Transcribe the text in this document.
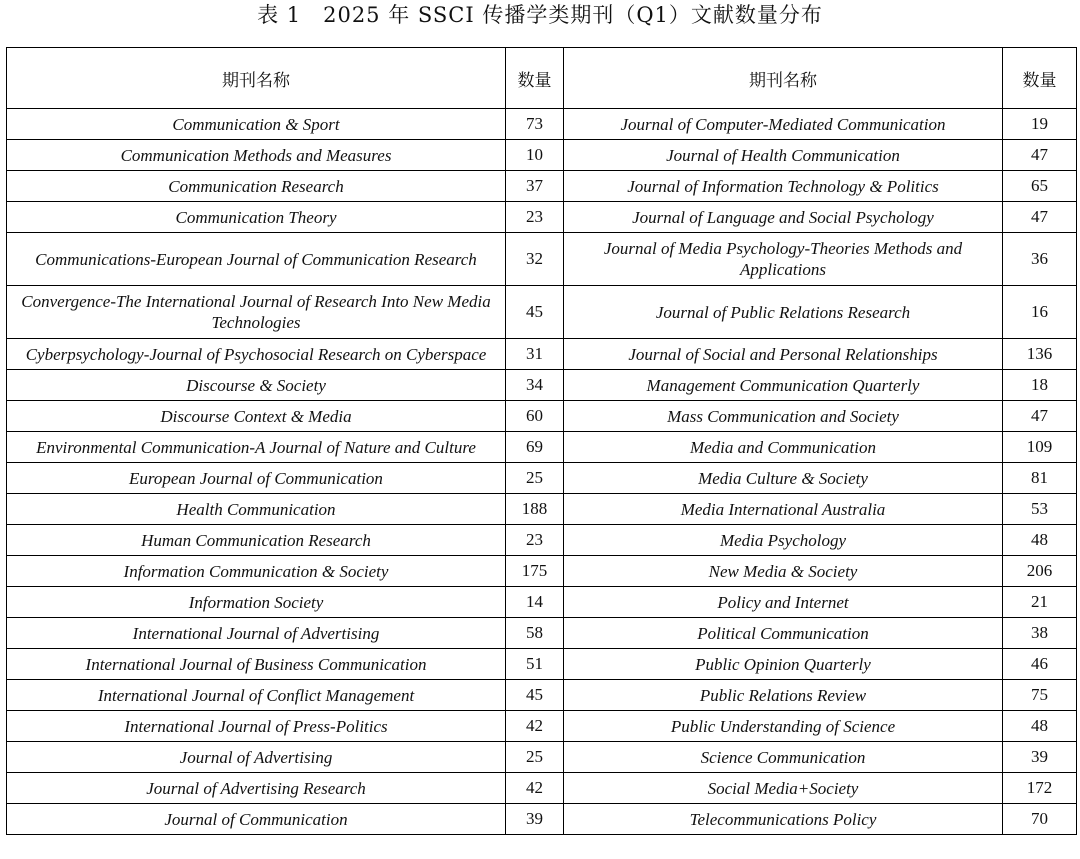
表 1　2025 年 SSCI 传播学类期刊（Q1）文献数量分布
期刊名称	数量	期刊名称	数量
Communication & Sport	73	Journal of Computer-Mediated Communication	19
Communication Methods and Measures	10	Journal of Health Communication	47
Communication Research	37	Journal of Information Technology & Politics	65
Communication Theory	23	Journal of Language and Social Psychology	47
Communications-European Journal of Communication Research	32	Journal of Media Psychology-Theories Methods and Applications	36
Convergence-The International Journal of Research Into New Media Technologies	45	Journal of Public Relations Research	16
Cyberpsychology-Journal of Psychosocial Research on Cyberspace	31	Journal of Social and Personal Relationships	136
Discourse & Society	34	Management Communication Quarterly	18
Discourse Context & Media	60	Mass Communication and Society	47
Environmental Communication-A Journal of Nature and Culture	69	Media and Communication	109
European Journal of Communication	25	Media Culture & Society	81
Health Communication	188	Media International Australia	53
Human Communication Research	23	Media Psychology	48
Information Communication & Society	175	New Media & Society	206
Information Society	14	Policy and Internet	21
International Journal of Advertising	58	Political Communication	38
International Journal of Business Communication	51	Public Opinion Quarterly	46
International Journal of Conflict Management	45	Public Relations Review	75
International Journal of Press-Politics	42	Public Understanding of Science	48
Journal of Advertising	25	Science Communication	39
Journal of Advertising Research	42	Social Media+Society	172
Journal of Communication	39	Telecommunications Policy	70
